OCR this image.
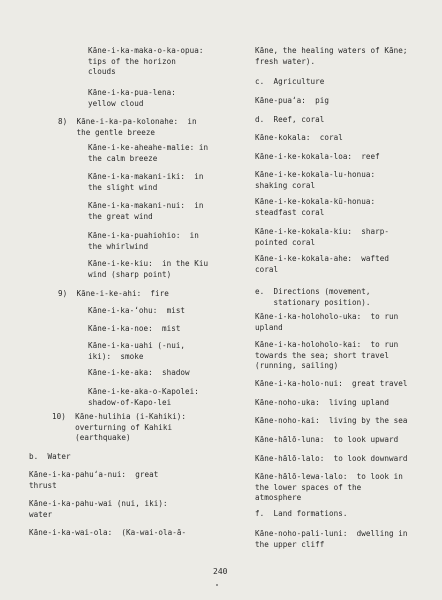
Kāne-i-ka-maka-o-ka-opua:
tips of the horizon
clouds
Kāne-i-ka-pua-lena:
yellow cloud
8)  Kāne-i-ka-pa-kolonahe:  in
the gentle breeze
Kāne-i-ke-aheahe-malie: in
the calm breeze
Kāne-i-ka-makani-iki:  in
the slight wind
Kāne-i-ka-makani-nui:  in
the great wind
Kāne-i-ka-puahiohio:  in
the whirlwind
Kāne-i-ke-kiu:  in the Kiu
wind (sharp point)
9)  Kāne-i-ke-ahi:  fire
Kāne-i-ka-ʻohu:  mist
Kāne-i-ka-noe:  mist
Kāne-i-ka-uahi (-nui,
iki):  smoke
Kāne-i-ke-aka:  shadow
Kāne-i-ke-aka-o-Kapolei:
shadow-of-Kapo-lei
10)  Kāne-hulihia (i-Kahiki):
overturning of Kahiki
(earthquake)
b.  Water
Kāne-i-ka-pahuʻa-nui:  great
thrust
Kāne-i-ka-pahu-wai (nui, iki):
water
Kāne-i-ka-wai-ola:  (Ka-wai-ola-ā-
Kāne, the healing waters of Kāne;
fresh water).
c.  Agriculture
Kāne-puaʻa:  pig
d.  Reef, coral
Kāne-kokala:  coral
Kāne-i-ke-kokala-loa:  reef
Kāne-i-ke-kokala-lu-honua:
shaking coral
Kāne-i-ke-kokala-kū-honua:
steadfast coral
Kāne-i-ke-kokala-kiu:  sharp-
pointed coral
Kāne-i-ke-kokala-ahe:  wafted
coral
e.  Directions (movement,
stationary position).
Kāne-i-ka-holoholo-uka:  to run
upland
Kāne-i-ka-holoholo-kai:  to run
towards the sea; short travel
(running, sailing)
Kāne-i-ka-holo-nui:  great travel
Kāne-noho-uka:  living upland
Kāne-noho-kai:  living by the sea
Kāne-hālō-luna:  to look upward
Kāne-hālō-lalo:  to look downward
Kāne-hālō-lewa-lalo:  to look in
the lower spaces of the
atmosphere
f.  Land formations.
Kāne-noho-pali-luni:  dwelling in
the upper cliff
240
